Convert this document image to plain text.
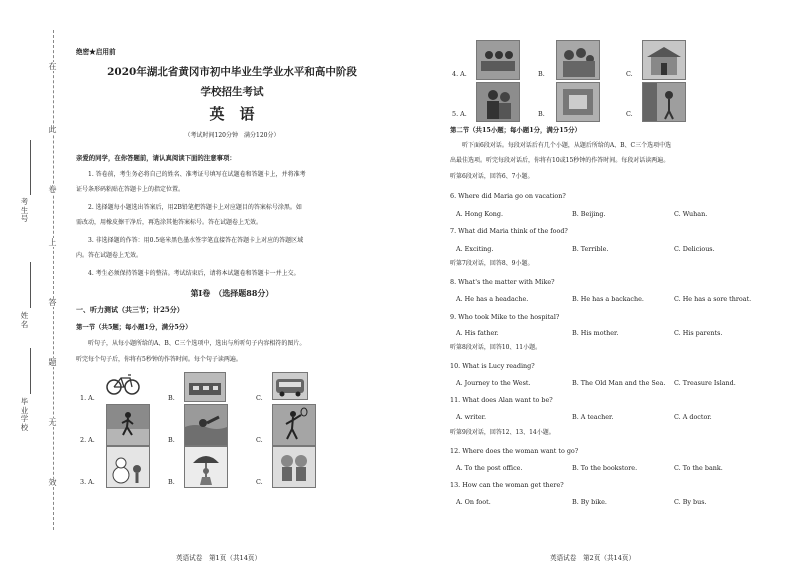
在
此
卷
上
答
题
无
效
考生号
姓名
毕业学校
绝密★启用前
2020年湖北省黄冈市初中毕业生学业水平和高中阶段
学校招生考试
英　语
（考试时间120分钟　满分120分）
亲爱的同学，在你答题前，请认真阅读下面的注意事项：
1. 答卷前，考生务必将自己的姓名、准考证号填写在试题卷和答题卡上，并将准考
证号条形码粘贴在答题卡上的指定位置。
2. 选择题每小题选出答案后，用2B铅笔把答题卡上对应题目的答案标号涂黑。如
需改动，用橡皮擦干净后，再选涂其他答案标号。答在试题卷上无效。
3. 非选择题的作答：用0.5毫米黑色墨水签字笔直接答在答题卡上对应的答题区域
内。答在试题卷上无效。
4. 考生必须保持答题卡的整洁。考试结束后，请将本试题卷和答题卡一并上交。
第Ⅰ卷　（选择题88分）
一、听力测试（共三节；计25分）
第一节（共5题；每小题1分，满分5分）
听句子，从每小题所给的A、B、C三个选项中，选出与所听句子内容相符的图片。
听完每个句子后，你将有5秒钟的作答时间。每个句子读两遍。
1. A.	B.	C.
2. A.	B.	C.
3. A.	B.	C.
英语试卷　第1页（共14页）
4. A.	B.	C.
5. A.	B.	C.
第二节（共15小题；每小题1分，满分15分）
听下面6段对话。每段对话后有几个小题，从题后所给的A、B、C三个选项中选
出最佳选项。听完每段对话后，你将有10或15秒钟的作答时间。每段对话读两遍。
听第6段对话，回答6、7小题。
6. Where did Maria go on vacation?
A. Hong Kong.	B. Beijing.	C. Wuhan.
7. What did Maria think of the food?
A. Exciting.	B. Terrible.	C. Delicious.
听第7段对话，回答8、9小题。
8. What's the matter with Mike?
A. He has a headache.	B. He has a backache.	C. He has a sore throat.
9. Who took Mike to the hospital?
A. His father.	B. His mother.	C. His parents.
听第8段对话，回答10、11小题。
10. What is Lucy reading?
A. Journey to the West.	B. The Old Man and the Sea. C. Treasure Island.
11. What does Alan want to be?
A. writer.	B. A teacher.	C. A doctor.
听第9段对话，回答12、13、14小题。
12. Where does the woman want to go?
A. To the post office.	B. To the bookstore.	C. To the bank.
13. How can the woman get there?
A. On foot.	B. By bike.	C. By bus.
英语试卷　第2页（共14页）
